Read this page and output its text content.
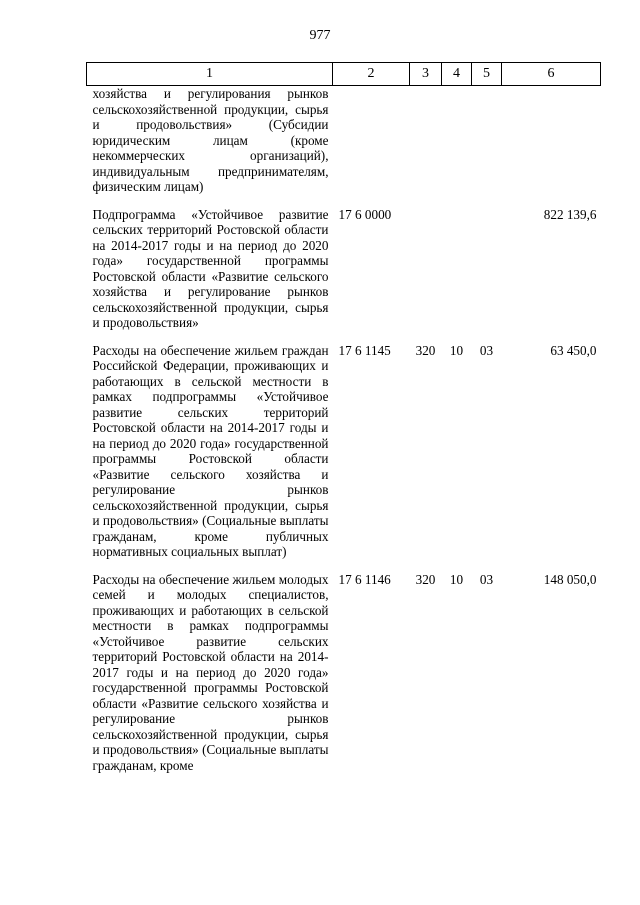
977
1	2	3	4	5	6
хозяйства и регулирования рынков сельскохозяйственной продукции, сырья и продовольствия» (Субсидии юридическим лицам (кроме некоммерческих организаций), индивидуальным предпринимателям, физическим лицам)					

Подпрограмма «Устойчивое развитие сельских территорий Ростовской области на 2014-2017 годы и на период до 2020 года» государственной программы Ростовской области «Развитие сельского хозяйства и регулирование рынков сельскохозяйственной продукции, сырья и продовольствия»	17 6 0000				822 139,6

Расходы на обеспечение жильем граждан Российской Федерации, проживающих и работающих в сельской местности в рамках подпрограммы «Устойчивое развитие сельских территорий Ростовской области на 2014-2017 годы и на период до 2020 года» государственной программы Ростовской области «Развитие сельского хозяйства и регулирование рынков сельскохозяйственной продукции, сырья и продовольствия» (Социальные выплаты гражданам, кроме публичных нормативных социальных выплат)	17 6 1145	320	10	03	63 450,0

Расходы на обеспечение жильем молодых семей и молодых специалистов, проживающих и работающих в сельской местности в рамках подпрограммы «Устойчивое развитие сельских территорий Ростовской области на 2014-2017 годы и на период до 2020 года» государственной программы Ростовской области «Развитие сельского хозяйства и регулирование рынков сельскохозяйственной продукции, сырья и продовольствия» (Социальные выплаты гражданам, кроме	17 6 1146	320	10	03	148 050,0
